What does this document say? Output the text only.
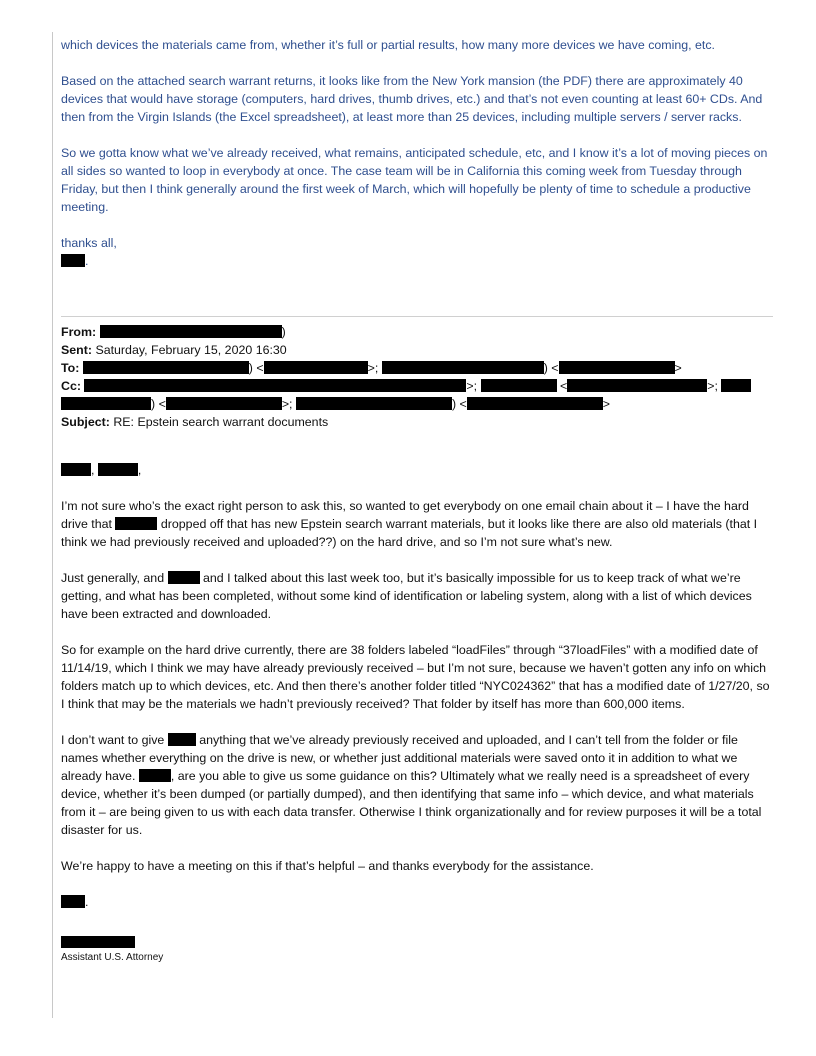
which devices the materials came from, whether it’s full or partial results, how many more devices we have coming, etc.

Based on the attached search warrant returns, it looks like from the New York mansion (the PDF) there are approximately 40 devices that would have storage (computers, hard drives, thumb drives, etc.) and that’s not even counting at least 60+ CDs. And then from the Virgin Islands (the Excel spreadsheet), at least more than 25 devices, including multiple servers / server racks.

So we gotta know what we’ve already received, what remains, anticipated schedule, etc, and I know it’s a lot of moving pieces on all sides so wanted to loop in everybody at once. The case team will be in California this coming week from Tuesday through Friday, but then I think generally around the first week of March, which will hopefully be plenty of time to schedule a productive meeting.

thanks all,

.

From:	)

Sent: Saturday, February 15, 2020 16:30

To:	) <	>;	) <	>

Cc:	>;	<	>;

) <	>;	) <	>

Subject: RE: Epstein search warrant documents

,	,

I’m not sure who’s the exact right person to ask this, so wanted to get everybody on one email chain about it – I have the hard drive that	dropped off that has new Epstein search warrant materials, but it looks like there are also old materials (that I think we had previously received and uploaded??) on the hard drive, and so I’m not sure what’s new.

Just generally, and	and I talked about this last week too, but it’s basically impossible for us to keep track of what we’re getting, and what has been completed, without some kind of identification or labeling system, along with a list of which devices have been extracted and downloaded.

So for example on the hard drive currently, there are 38 folders labeled “loadFiles” through “37loadFiles” with a modified date of 11/14/19, which I think we may have already previously received – but I’m not sure, because we haven’t gotten any info on which folders match up to which devices, etc. And then there’s another folder titled “NYC024362” that has a modified date of 1/27/20, so I think that may be the materials we hadn’t previously received? That folder by itself has more than 600,000 items.

I don’t want to give	anything that we’ve already previously received and uploaded, and I can’t tell from the folder or file names whether everything on the drive is new, or whether just additional materials were saved onto it in addition to what we already have.	, are you able to give us some guidance on this? Ultimately what we really need is a spreadsheet of every device, whether it’s been dumped (or partially dumped), and then identifying that same info – which device, and what materials from it – are being given to us with each data transfer. Otherwise I think organizationally and for review purposes it will be a total disaster for us.

We’re happy to have a meeting on this if that’s helpful – and thanks everybody for the assistance.

.

Assistant U.S. Attorney
